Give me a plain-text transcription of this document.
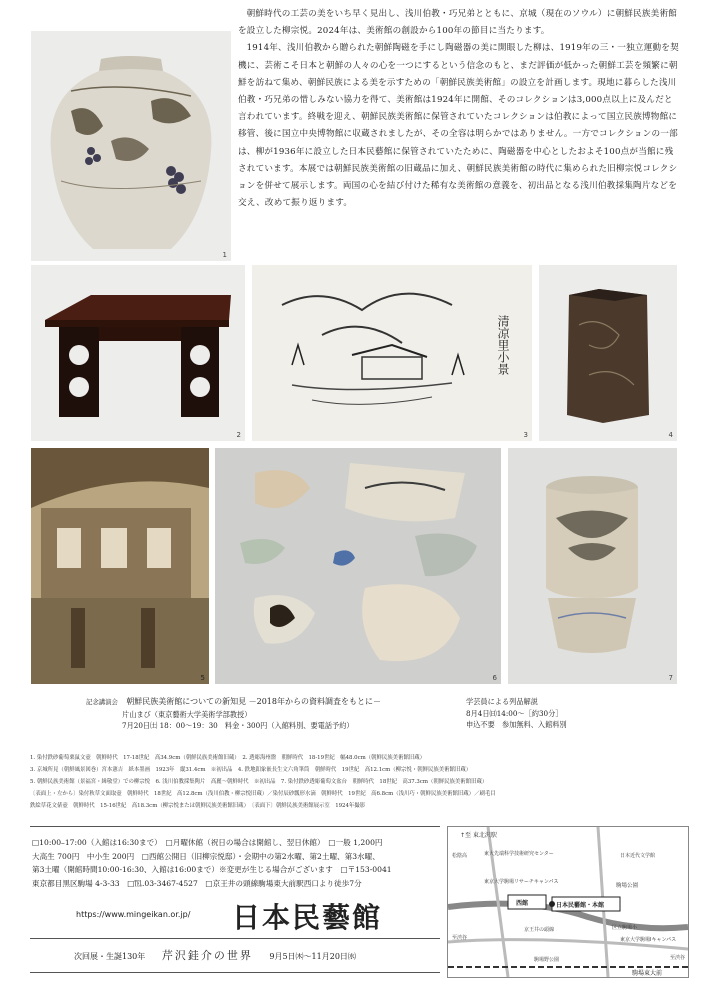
1

朝鮮時代の工芸の美をいち早く見出し、浅川伯教・巧兄弟とともに、京城（現在のソウル）に朝鮮民族美術館を設立した柳宗悦。2024年は、美術館の創設から100年の節目に当たります。

1914年、浅川伯教から贈られた朝鮮陶磁を手にし陶磁器の美に開眼した柳は、1919年の三・一独立運動を契機に、芸術こそ日本と朝鮮の人々の心を一つにするという信念のもと、まだ評価が低かった朝鮮工芸を頻繁に朝鮮を訪ねて集め、朝鮮民族による美を示すための「朝鮮民族美術館」の設立を計画します。現地に暮らした浅川伯教・巧兄弟の惜しみない協力を得て、美術館は1924年に開館、そのコレクションは3,000点以上に及んだと言われています。終戦を迎え、朝鮮民族美術館に保管されていたコレクションは伯教によって国立民族博物館に移管、後に国立中央博物館に収蔵されましたが、その全容は明らかではありません。一方でコレクションの一部は、柳が1936年に設立した日本民藝館に保管されていたために、陶磁器を中心としたおよそ100点が当館に残されています。本展では朝鮮民族美術館の旧蔵品に加え、朝鮮民族美術館の時代に集められた旧柳宗悦コレクションを併せて展示します。両国の心を結び付けた稀有な美術館の意義を、初出品となる浅川伯教採集陶片などを交え、改めて振り返ります。

2
清凉里小景
3	4
5	6	7
記念講演会 朝鮮民族美術館についての新知見 －2018年からの資料調査をもとに－
片山まび（東京藝術大学美術学部教授）
7月20日㈯ 18：00～19：30　料金・300円（入館料別、要電話予約）
学芸員による列品解説
8月4日㈰14:00～［約30分］
申込不要　参加無料、入館料別
1. 染付鉄砂葡萄栗鼠文壺　朝鮮時代　17-18世紀　高34.9cm（朝鮮民族美術館旧蔵）　2. 透彫海州盤　朝鮮時代　18-19世紀　幅48.0cm（朝鮮民族美術館旧蔵）
3. 京城所見（朝鮮風景図巻）宮本憲吉　紙本墨画　1923年　縦31.4cm　※初出品　4. 鉄地釦象嵌長生文六角筆筒　朝鮮時代　19世紀　高12.1cm（柳宗悦・朝鮮民族美術館旧蔵）
5. 朝鮮民族美術館（景福宮・緝敬堂）での柳宗悦　6. 浅川伯教採集陶片　高麗～朝鮮時代　※初出品　7. 染付鉄砂透彫葡萄文盆台　朝鮮時代　18世紀　高37.3cm（朝鮮民族美術館旧蔵）
〔表面上・左から〕染付秋草文面取壺　朝鮮時代　18世紀　高12.8cm（浅川伯教・柳宗悦旧蔵）／染付辰砂瓢形水滴　朝鮮時代　19世紀　高6.8cm（浅川巧・朝鮮民族美術館旧蔵）／刷毛目
鉄絵草花文俵壺　朝鮮時代　15-16世紀　高18.3cm（柳宗悦または朝鮮民族美術館旧蔵）　〔表面下〕朝鮮民族美術館展示室　1924年撮影
□10:00–17:00（入館は16:30まで）　□月曜休館（祝日の場合は開館し、翌日休館）　□一般 1,200円
大高生 700円　中小生 200円　□西館公開日（旧柳宗悦邸）・会期中の第2水曜、第2土曜、第3水曜、
第3土曜（開館時間10:00-16:30、入館は16:00まで）※変更が生じる場合がございます　□〒153-0041
東京都目黒区駒場 4-3-33　□℡.03-3467-4527　□京王井の頭線駒場東大前駅西口より徒歩7分
https://www.mingeikan.or.jp/ 日本民藝館
次回展・生誕130年 芹沢銈介の世界 9月5日㈭～11月20日㈬
↑至 東北沢駅
東大先端科学技術研究センター
東京大学駒場リサーチキャンパス
松陰高	日本近代文学館
駒場公園
西館	日本民藝館・本館
京王井の頭線	区立駒場小
至渋谷	東京大学駒場Iキャンパス
駒場野公園
駒場東大前
至渋谷
